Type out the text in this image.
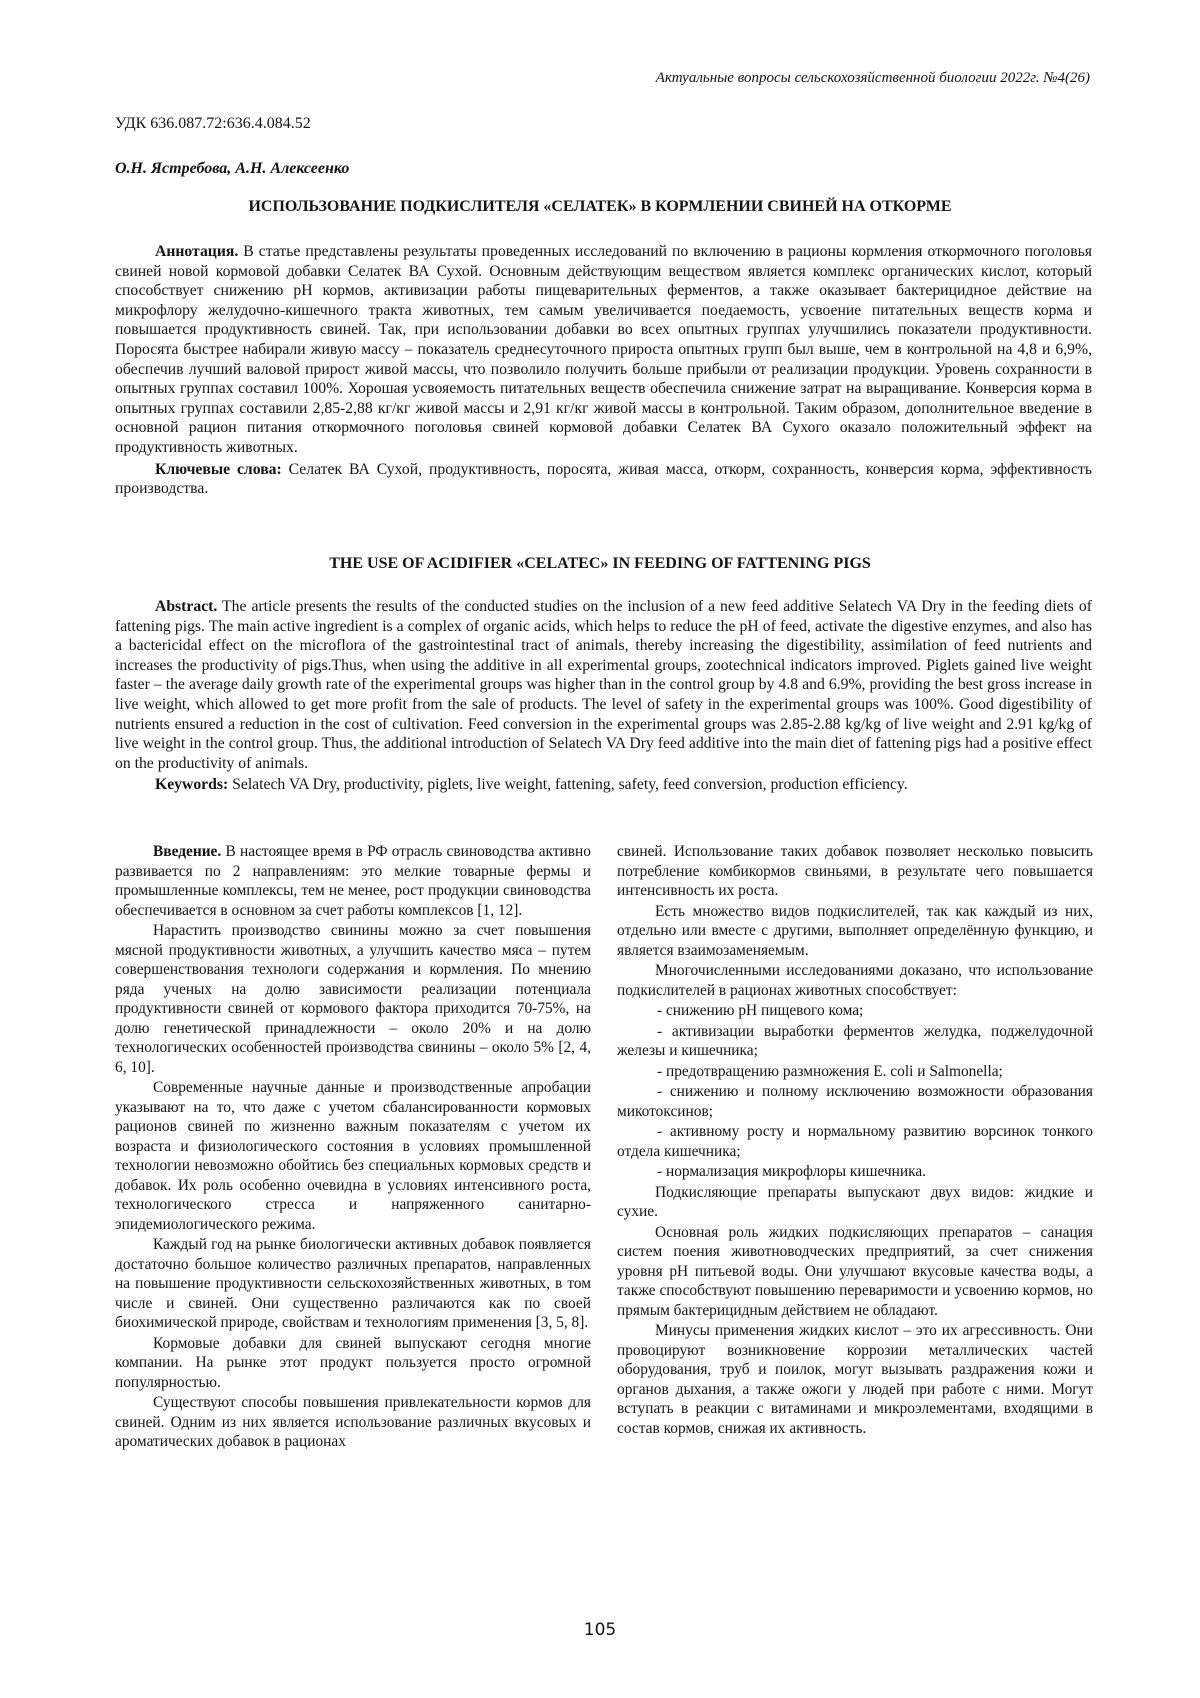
Актуальные вопросы сельскохозяйственной биологии 2022г. №4(26)
УДК 636.087.72:636.4.084.52
О.Н. Ястребова, А.Н. Алексеенко
ИСПОЛЬЗОВАНИЕ ПОДКИСЛИТЕЛЯ «СЕЛАТЕК» В КОРМЛЕНИИ СВИНЕЙ НА ОТКОРМЕ

Аннотация. В статье представлены результаты проведенных исследований по включению в рационы кормления откормочного поголовья свиней новой кормовой добавки Селатек ВА Сухой. Основным действующим веществом является комплекс органических кислот, который способствует снижению рН кормов, активизации работы пищеварительных ферментов, а также оказывает бактерицидное действие на микрофлору желудочно-кишечного тракта животных, тем самым увеличивается поедаемость, усвоение питательных веществ корма и повышается продуктивность свиней. Так, при использовании добавки во всех опытных группах улучшились показатели продуктивности. Поросята быстрее набирали живую массу – показатель среднесуточного прироста опытных групп был выше, чем в контрольной на 4,8 и 6,9%, обеспечив лучший валовой прирост живой массы, что позволило получить больше прибыли от реализации продукции. Уровень сохранности в опытных группах составил 100%. Хорошая усвояемость питательных веществ обеспечила снижение затрат на выращивание. Конверсия корма в опытных группах составили 2,85-2,88 кг/кг живой массы и 2,91 кг/кг живой массы в контрольной. Таким образом, дополнительное введение в основной рацион питания откормочного поголовья свиней кормовой добавки Селатек ВА Сухого оказало положительный эффект на продуктивность животных.

Ключевые слова: Селатек ВА Сухой, продуктивность, поросята, живая масса, откорм, сохранность, конверсия корма, эффективность производства.

THE USE OF ACIDIFIER «CELATEC» IN FEEDING OF FATTENING PIGS

Abstract. The article presents the results of the conducted studies on the inclusion of a new feed additive Selatech VA Dry in the feeding diets of fattening pigs. The main active ingredient is a complex of organic acids, which helps to reduce the pH of feed, activate the digestive enzymes, and also has a bactericidal effect on the microflora of the gastrointestinal tract of animals, thereby increasing the digestibility, assimilation of feed nutrients and increases the productivity of pigs.Thus, when using the additive in all experimental groups, zootechnical indicators improved. Piglets gained live weight faster – the average daily growth rate of the experimental groups was higher than in the control group by 4.8 and 6.9%, providing the best gross increase in live weight, which allowed to get more profit from the sale of products. The level of safety in the experimental groups was 100%. Good digestibility of nutrients ensured a reduction in the cost of cultivation. Feed conversion in the experimental groups was 2.85-2.88 kg/kg of live weight and 2.91 kg/kg of live weight in the control group. Thus, the additional introduction of Selatech VA Dry feed additive into the main diet of fattening pigs had a positive effect on the productivity of animals.

Keywords: Selatech VA Dry, productivity, piglets, live weight, fattening, safety, feed conversion, production efficiency.

Введение. В настоящее время в РФ отрасль свиноводства активно развивается по 2 направлениям: это мелкие товарные фермы и промышленные комплексы, тем не менее, рост продукции свиноводства обеспечивается в основном за счет работы комплексов [1, 12].

Нарастить производство свинины можно за счет повышения мясной продуктивности животных, а улучшить качество мяса – путем совершенствования технологи содержания и кормления. По мнению ряда ученых на долю зависимости реализации потенциала продуктивности свиней от кормового фактора приходится 70-75%, на долю генетической принадлежности – около 20% и на долю технологических особенностей производства свинины – около 5% [2, 4, 6, 10].

Современные научные данные и производственные апробации указывают на то, что даже с учетом сбалансированности кормовых рационов свиней по жизненно важным показателям с учетом их возраста и физиологического состояния в условиях промышленной технологии невозможно обойтись без специальных кормовых средств и добавок. Их роль особенно очевидна в условиях интенсивного роста, технологического стресса и напряженного санитарно-эпидемиологического режима.

Каждый год на рынке биологически активных добавок появляется достаточно большое количество различных препаратов, направленных на повышение продуктивности сельскохозяйственных животных, в том числе и свиней. Они существенно различаются как по своей биохимической природе, свойствам и технологиям применения [3, 5, 8].

Кормовые добавки для свиней выпускают сегодня многие компании. На рынке этот продукт пользуется просто огромной популярностью.

Существуют способы повышения привлекательности кормов для свиней. Одним из них является использование различных вкусовых и ароматических добавок в рационах

свиней. Использование таких добавок позволяет несколько повысить потребление комбикормов свиньями, в результате чего повышается интенсивность их роста.

Есть множество видов подкислителей, так как каждый из них, отдельно или вместе с другими, выполняет определённую функцию, и является взаимозаменяемым.

Многочисленными исследованиями доказано, что использование подкислителей в рационах животных способствует:

- снижению pH пищевого кома;

- активизации выработки ферментов желудка, поджелудочной железы и кишечника;

- предотвращению размножения E. coli и Salmonella;

- снижению и полному исключению возможности образования микотоксинов;

- активному росту и нормальному развитию ворсинок тонкого отдела кишечника;

- нормализация микрофлоры кишечника.

Подкисляющие препараты выпускают двух видов: жидкие и сухие.

Основная роль жидких подкисляющих препаратов – санация систем поения животноводческих предприятий, за счет снижения уровня pH питьевой воды. Они улучшают вкусовые качества воды, а также способствуют повышению переваримости и усвоению кормов, но прямым бактерицидным действием не обладают.

Минусы применения жидких кислот – это их агрессивность. Они провоцируют возникновение коррозии металлических частей оборудования, труб и поилок, могут вызывать раздражения кожи и органов дыхания, а также ожоги у людей при работе с ними. Могут вступать в реакции с витаминами и микроэлементами, входящими в состав кормов, снижая их активность.

105
